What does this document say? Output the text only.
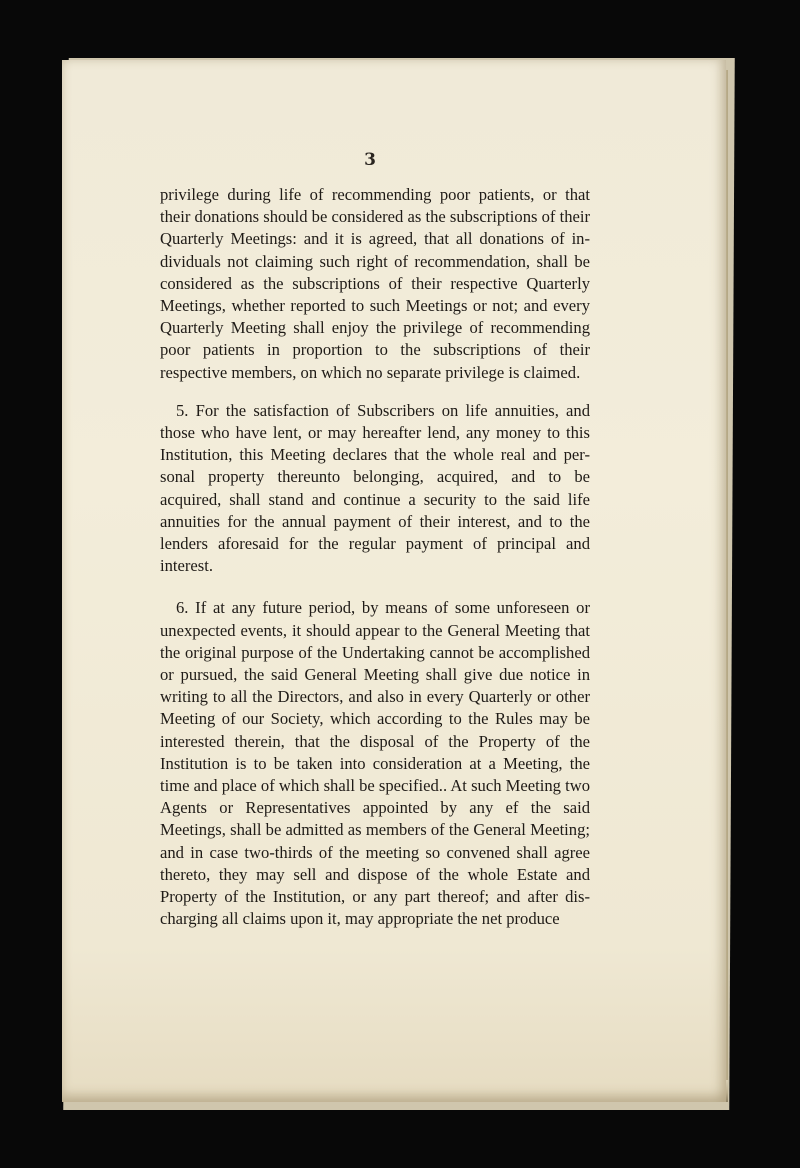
3

privilege during life of recommending poor patients, or that their donations should be considered as the subscriptions of their Quarterly Meetings: and it is agreed, that all donations of in-dividuals not claiming such right of recommendation, shall be considered as the subscriptions of their respective Quarterly Meetings, whether reported to such Meetings or not; and every Quarterly Meeting shall enjoy the privilege of recommending poor patients in proportion to the subscriptions of their respective members, on which no separate privilege is claimed.

5. For the satisfaction of Subscribers on life annuities, and those who have lent, or may hereafter lend, any money to this Institution, this Meeting declares that the whole real and per-sonal property thereunto belonging, acquired, and to be acquired, shall stand and continue a security to the said life annuities for the annual payment of their interest, and to the lenders aforesaid for the regular payment of principal and interest.

6. If at any future period, by means of some unforeseen or unexpected events, it should appear to the General Meeting that the original purpose of the Undertaking cannot be accomplished or pursued, the said General Meeting shall give due notice in writing to all the Directors, and also in every Quarterly or other Meeting of our Society, which according to the Rules may be interested therein, that the disposal of the Property of the Institution is to be taken into consideration at a Meeting, the time and place of which shall be specified.. At such Meeting two Agents or Representatives appointed by any ef the said Meetings, shall be admitted as members of the General Meeting; and in case two-thirds of the meeting so convened shall agree thereto, they may sell and dispose of the whole Estate and Property of the Institution, or any part thereof; and after dis-charging all claims upon it, may appropriate the net produce
